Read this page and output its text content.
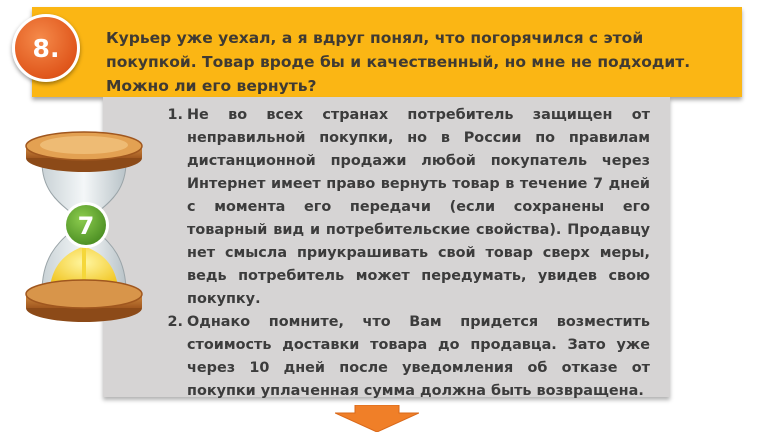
8.	Курьер уже уехал, а я вдруг понял, что погорячился с этой покупкой. Товар вроде бы и качественный, но мне не подходит. Можно ли его вернуть?
7
1. Не во всех странах потребитель защищен от неправильной покупки, но в России по правилам дистанционной продажи любой покупатель через Интернет имеет право вернуть товар в течение 7 дней с момента его передачи (если сохранены его товарный вид и потребительские свойства). Продавцу нет смысла приукрашивать свой товар сверх меры, ведь потребитель может передумать, увидев свою покупку.
2. Однако помните, что Вам придется возместить стоимость доставки товара до продавца. Зато уже через 10 дней после уведомления об отказе от покупки уплаченная сумма должна быть возвращена.
